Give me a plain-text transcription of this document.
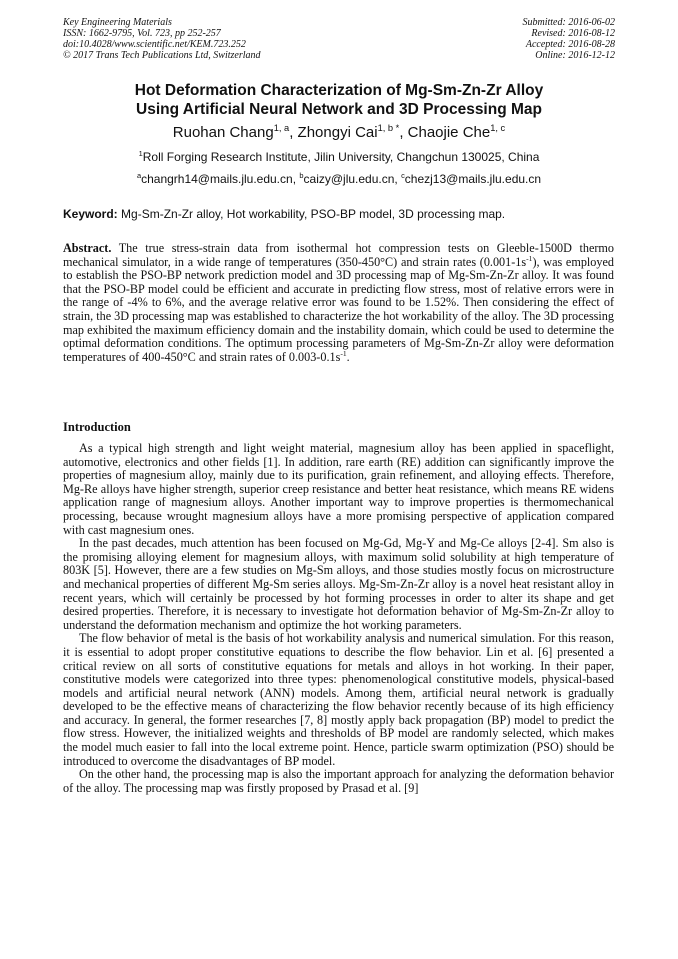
Key Engineering Materials
ISSN: 1662-9795, Vol. 723, pp 252-257
doi:10.4028/www.scientific.net/KEM.723.252
© 2017 Trans Tech Publications Ltd, Switzerland
Submitted: 2016-06-02
Revised: 2016-08-12
Accepted: 2016-08-28
Online: 2016-12-12
Hot Deformation Characterization of Mg-Sm-Zn-Zr Alloy
Using Artificial Neural Network and 3D Processing Map
Ruohan Chang$^{1, a}$, Zhongyi Cai$^{1, b *}$, Chaojie Che$^{1, c}$
$^1$Roll Forging Research Institute, Jilin University, Changchun 130025, China
$^a$changrh14@mails.jlu.edu.cn, $^b$caizy@jlu.edu.cn, $^c$chezj13@mails.jlu.edu.cn
Keyword: Mg-Sm-Zn-Zr alloy, Hot workability, PSO-BP model, 3D processing map.
Abstract. The true stress-strain data from isothermal hot compression tests on Gleeble-1500D thermo mechanical simulator, in a wide range of temperatures (350-450°C) and strain rates $(0.001-1s^{-1})$, was employed to establish the PSO-BP network prediction model and 3D processing map of Mg-Sm-Zn-Zr alloy. It was found that the PSO-BP model could be efficient and accurate in predicting flow stress, most of relative errors were in the range of -4% to 6%, and the average relative error was found to be 1.52%. Then considering the effect of strain, the 3D processing map was established to characterize the hot workability of the alloy. The 3D processing map exhibited the maximum efficiency domain and the instability domain, which could be used to determine the optimal deformation conditions. The optimum processing parameters of Mg-Sm-Zn-Zr alloy were deformation temperatures of 400-450°C and strain rates of $0.003-0.1s^{-1}$.
Introduction

As a typical high strength and light weight material, magnesium alloy has been applied in spaceflight, automotive, electronics and other fields [1]. In addition, rare earth (RE) addition can significantly improve the properties of magnesium alloy, mainly due to its purification, grain refinement, and alloying effects. Therefore, Mg-Re alloys have higher strength, superior creep resistance and better heat resistance, which means RE widens application range of magnesium alloys. Another important way to improve properties is thermomechanical processing, because wrought magnesium alloys have a more promising perspective of application compared with cast magnesium ones.

In the past decades, much attention has been focused on Mg-Gd, Mg-Y and Mg-Ce alloys [2-4]. Sm also is the promising alloying element for magnesium alloys, with maximum solid solubility at high temperature of 803K [5]. However, there are a few studies on Mg-Sm alloys, and those studies mostly focus on microstructure and mechanical properties of different Mg-Sm series alloys. Mg-Sm-Zn-Zr alloy is a novel heat resistant alloy in recent years, which will certainly be processed by hot forming processes in order to alter its shape and get desired properties. Therefore, it is necessary to investigate hot deformation behavior of Mg-Sm-Zn-Zr alloy to understand the deformation mechanism and optimize the hot working parameters.

The flow behavior of metal is the basis of hot workability analysis and numerical simulation. For this reason, it is essential to adopt proper constitutive equations to describe the flow behavior. Lin et al. [6] presented a critical review on all sorts of constitutive equations for metals and alloys in hot working. In their paper, constitutive models were categorized into three types: phenomenological constitutive models, physical-based models and artificial neural network (ANN) models. Among them, artificial neural network is gradually developed to be the effective means of characterizing the flow behavior recently because of its high efficiency and accuracy. In general, the former researches [7, 8] mostly apply back propagation (BP) model to predict the flow stress. However, the initialized weights and thresholds of BP model are randomly selected, which makes the model much easier to fall into the local extreme point. Hence, particle swarm optimization (PSO) should be introduced to overcome the disadvantages of BP model.

On the other hand, the processing map is also the important approach for analyzing the deformation behavior of the alloy. The processing map was firstly proposed by Prasad et al. [9]
